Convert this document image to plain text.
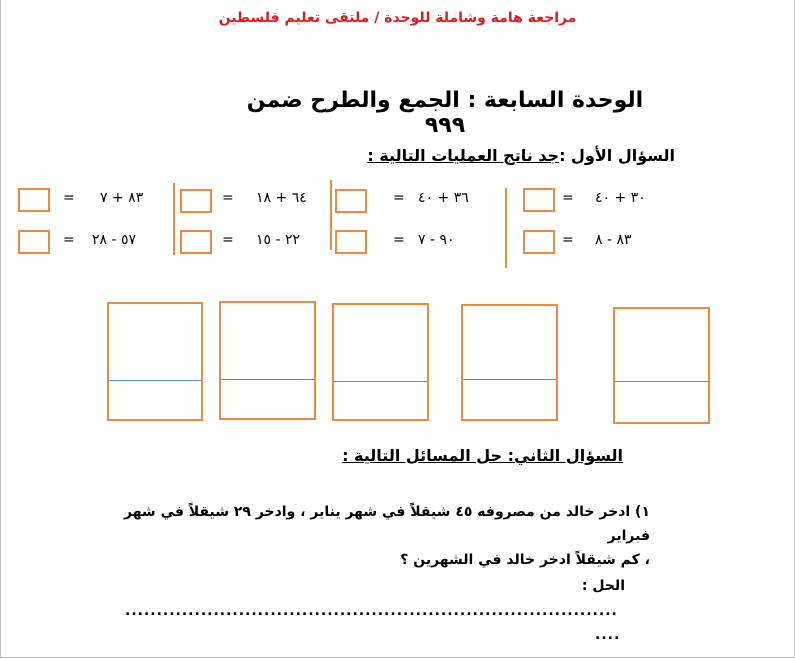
مراجعة هامة وشاملة للوحدة / ملتقى تعليم فلسطين
الوحدة السابعة : الجمع والطرح ضمن ٩٩٩
السؤال الأول :جد ناتج العمليات التالية :
٣٠ + ٤٠
=
٨٣ - ٨
=
٣٦ + ٤٠
=
٩٠ - ٧
=
٦٤ + ١٨
=
٢٢ - ١٥
=
٨٣ + ٧
=
٥٧ - ٢٨
=
السؤال الثاني: حل المسائل التالية :
١) ادخر خالد من مصروفه ٤٥ شيقلاً في شهر يناير ، وادخر ٢٩ شيقلاً في شهر فبراير
، كم شيقلاً ادخر خالد في الشهرين ؟
الحل :
..............................................................................
....
